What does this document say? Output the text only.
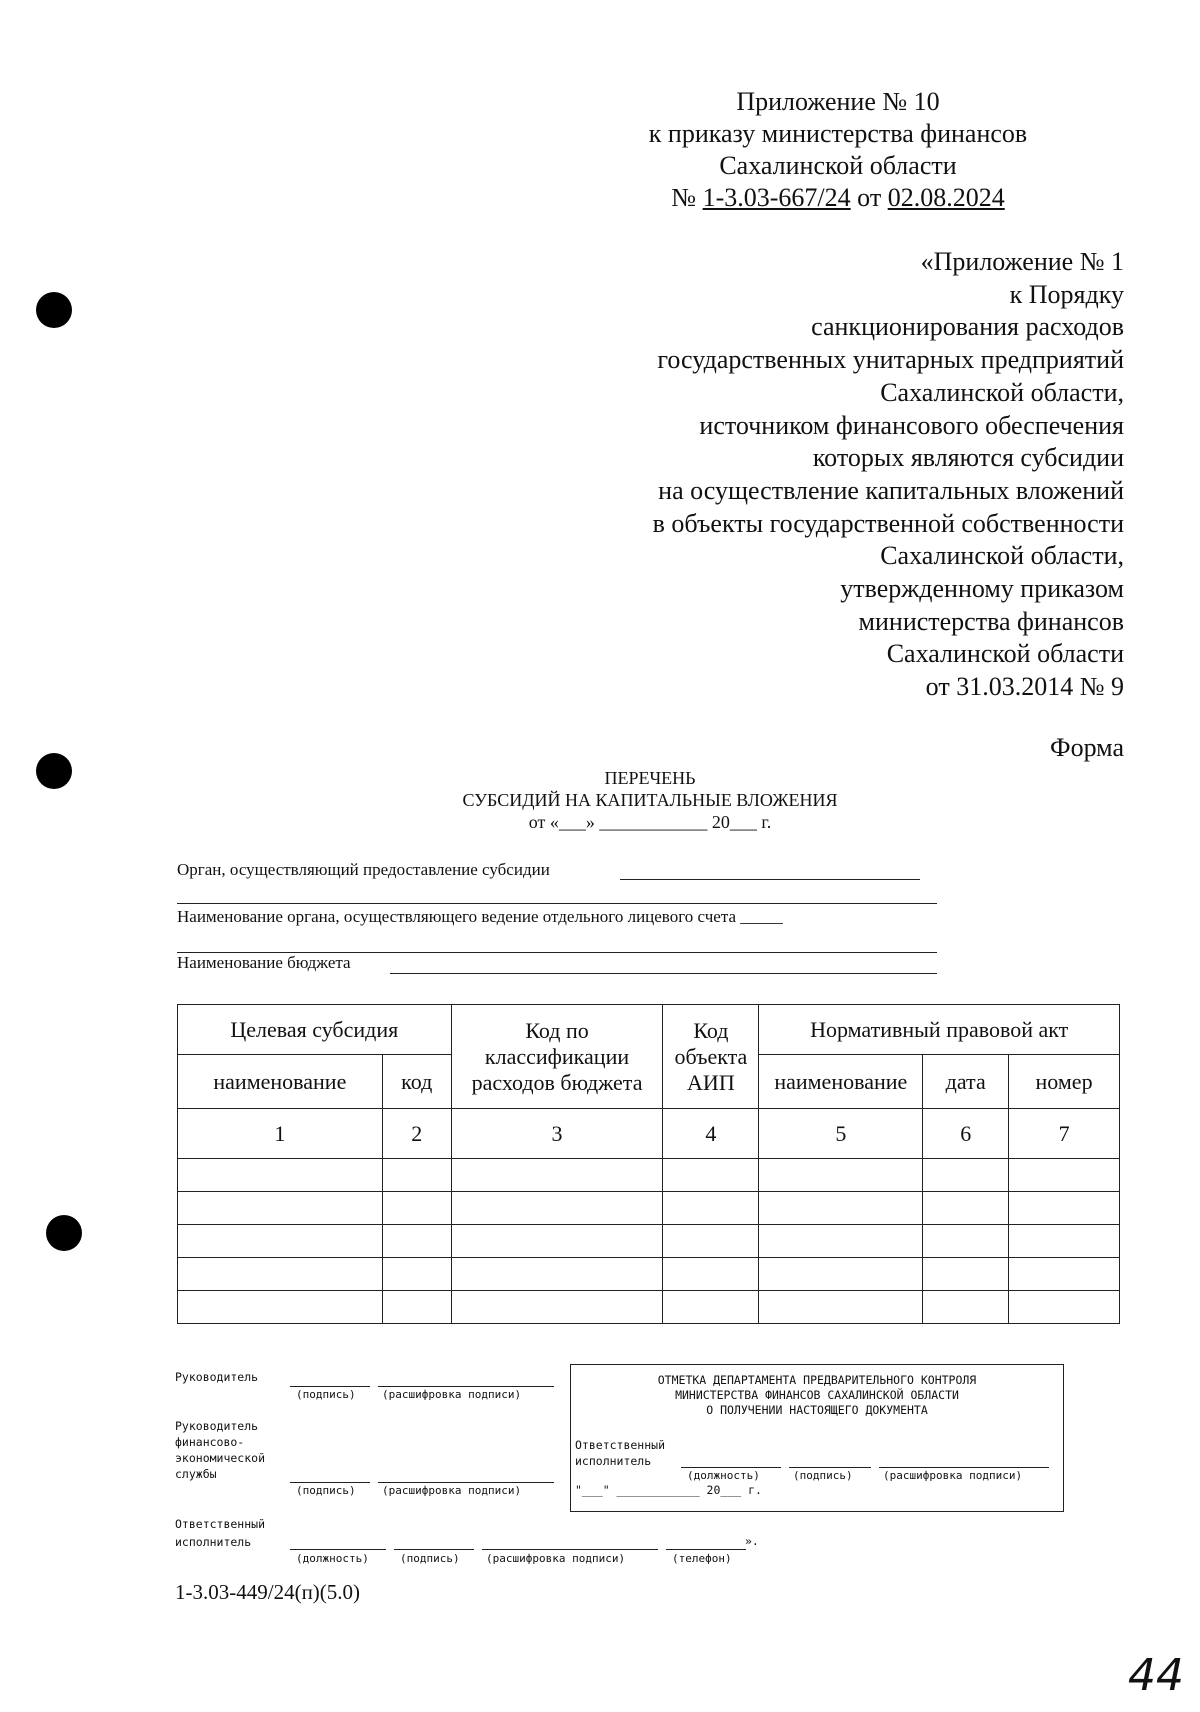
Приложение № 10
к приказу министерства финансов
Сахалинской области
№ 1-3.03-667/24 от 02.08.2024
«Приложение № 1
к Порядку
санкционирования расходов
государственных унитарных предприятий
Сахалинской области,
источником финансового обеспечения
которых являются субсидии
на осуществление капитальных вложений
в объекты государственной собственности
Сахалинской области,
утвержденному приказом
министерства финансов
Сахалинской области
от 31.03.2014 № 9
Форма
ПЕРЕЧЕНЬ
СУБСИДИЙ НА КАПИТАЛЬНЫЕ ВЛОЖЕНИЯ
от «___» ____________ 20___ г.
Орган, осуществляющий предоставление субсидии
Наименование органа, осуществляющего ведение отдельного лицевого счета _____
Наименование бюджета
Целевая субсидия		Код по классификации расходов бюджета	Код объекта АИП	Нормативный правовой акт		
наименование	код			наименование	дата	номер
1	2	3	4	5	6	7

Руководитель
(подпись) (расшифровка подписи)
Руководитель
финансово-
экономической
службы
(подпись) (расшифровка подписи)
Ответственный
исполнитель	».
(должность)	(подпись) (расшифровка подписи)	(телефон)
1-3.03-449/24(п)(5.0)
ОТМЕТКА ДЕПАРТАМЕНТА ПРЕДВАРИТЕЛЬНОГО КОНТРОЛЯ
МИНИСТЕРСТВА ФИНАНСОВ САХАЛИНСКОЙ ОБЛАСТИ
О ПОЛУЧЕНИИ НАСТОЯЩЕГО ДОКУМЕНТА
Ответственный
исполнитель
(должность)	(подпись)	(расшифровка подписи)
"___" ____________ 20___ г.
44
